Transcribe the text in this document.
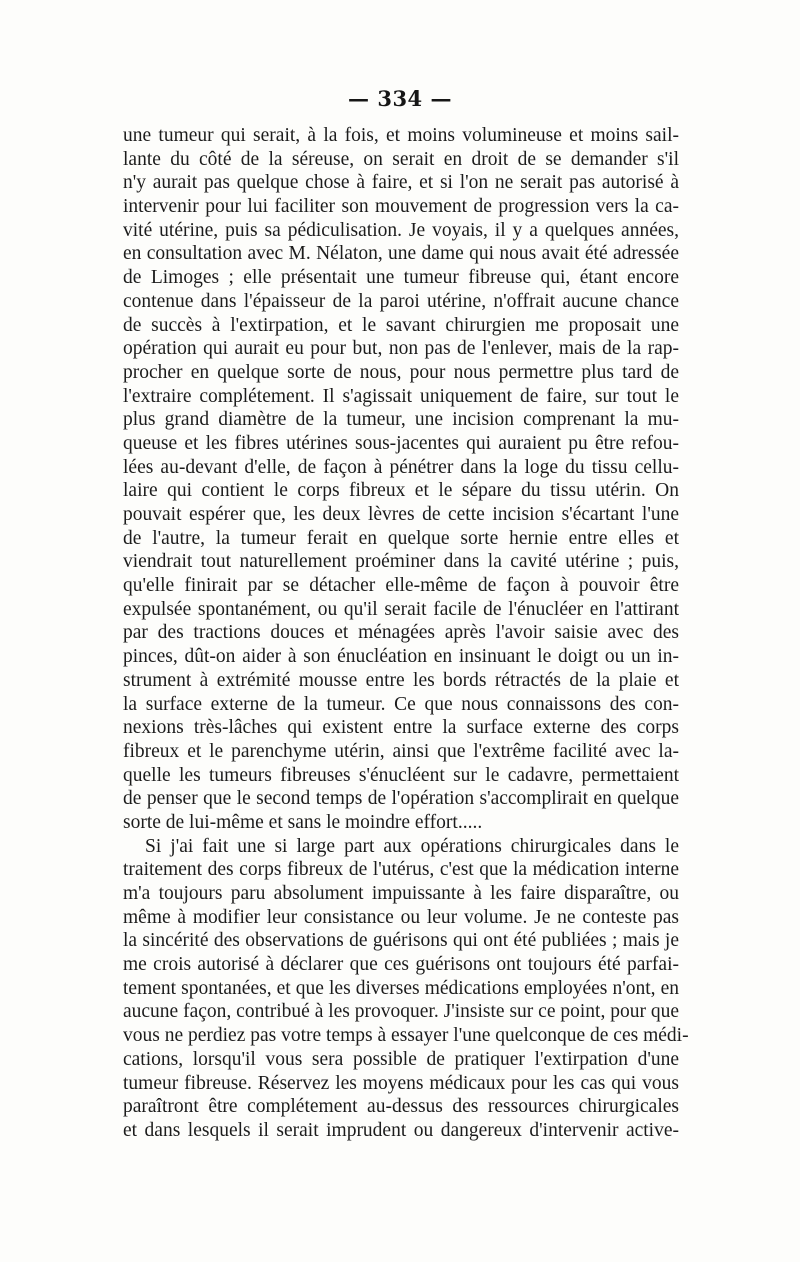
— 334 —
une tumeur qui serait, à la fois, et moins volumineuse et moins sail-
lante du côté de la séreuse, on serait en droit de se demander s'il
n'y aurait pas quelque chose à faire, et si l'on ne serait pas autorisé à
intervenir pour lui faciliter son mouvement de progression vers la ca-
vité utérine, puis sa pédiculisation. Je voyais, il y a quelques années,
en consultation avec M. Nélaton, une dame qui nous avait été adressée
de Limoges ; elle présentait une tumeur fibreuse qui, étant encore
contenue dans l'épaisseur de la paroi utérine, n'offrait aucune chance
de succès à l'extirpation, et le savant chirurgien me proposait une
opération qui aurait eu pour but, non pas de l'enlever, mais de la rap-
procher en quelque sorte de nous, pour nous permettre plus tard de
l'extraire complétement. Il s'agissait uniquement de faire, sur tout le
plus grand diamètre de la tumeur, une incision comprenant la mu-
queuse et les fibres utérines sous-jacentes qui auraient pu être refou-
lées au-devant d'elle, de façon à pénétrer dans la loge du tissu cellu-
laire qui contient le corps fibreux et le sépare du tissu utérin. On
pouvait espérer que, les deux lèvres de cette incision s'écartant l'une
de l'autre, la tumeur ferait en quelque sorte hernie entre elles et
viendrait tout naturellement proéminer dans la cavité utérine ; puis,
qu'elle finirait par se détacher elle-même de façon à pouvoir être
expulsée spontanément, ou qu'il serait facile de l'énucléer en l'attirant
par des tractions douces et ménagées après l'avoir saisie avec des
pinces, dût-on aider à son énucléation en insinuant le doigt ou un in-
strument à extrémité mousse entre les bords rétractés de la plaie et
la surface externe de la tumeur. Ce que nous connaissons des con-
nexions très-lâches qui existent entre la surface externe des corps
fibreux et le parenchyme utérin, ainsi que l'extrême facilité avec la-
quelle les tumeurs fibreuses s'énucléent sur le cadavre, permettaient
de penser que le second temps de l'opération s'accomplirait en quelque
sorte de lui-même et sans le moindre effort.....
Si j'ai fait une si large part aux opérations chirurgicales dans le
traitement des corps fibreux de l'utérus, c'est que la médication interne
m'a toujours paru absolument impuissante à les faire disparaître, ou
même à modifier leur consistance ou leur volume. Je ne conteste pas
la sincérité des observations de guérisons qui ont été publiées ; mais je
me crois autorisé à déclarer que ces guérisons ont toujours été parfai-
tement spontanées, et que les diverses médications employées n'ont, en
aucune façon, contribué à les provoquer. J'insiste sur ce point, pour que
vous ne perdiez pas votre temps à essayer l'une quelconque de ces médi-
cations, lorsqu'il vous sera possible de pratiquer l'extirpation d'une
tumeur fibreuse. Réservez les moyens médicaux pour les cas qui vous
paraîtront être complétement au-dessus des ressources chirurgicales
et dans lesquels il serait imprudent ou dangereux d'intervenir active-
